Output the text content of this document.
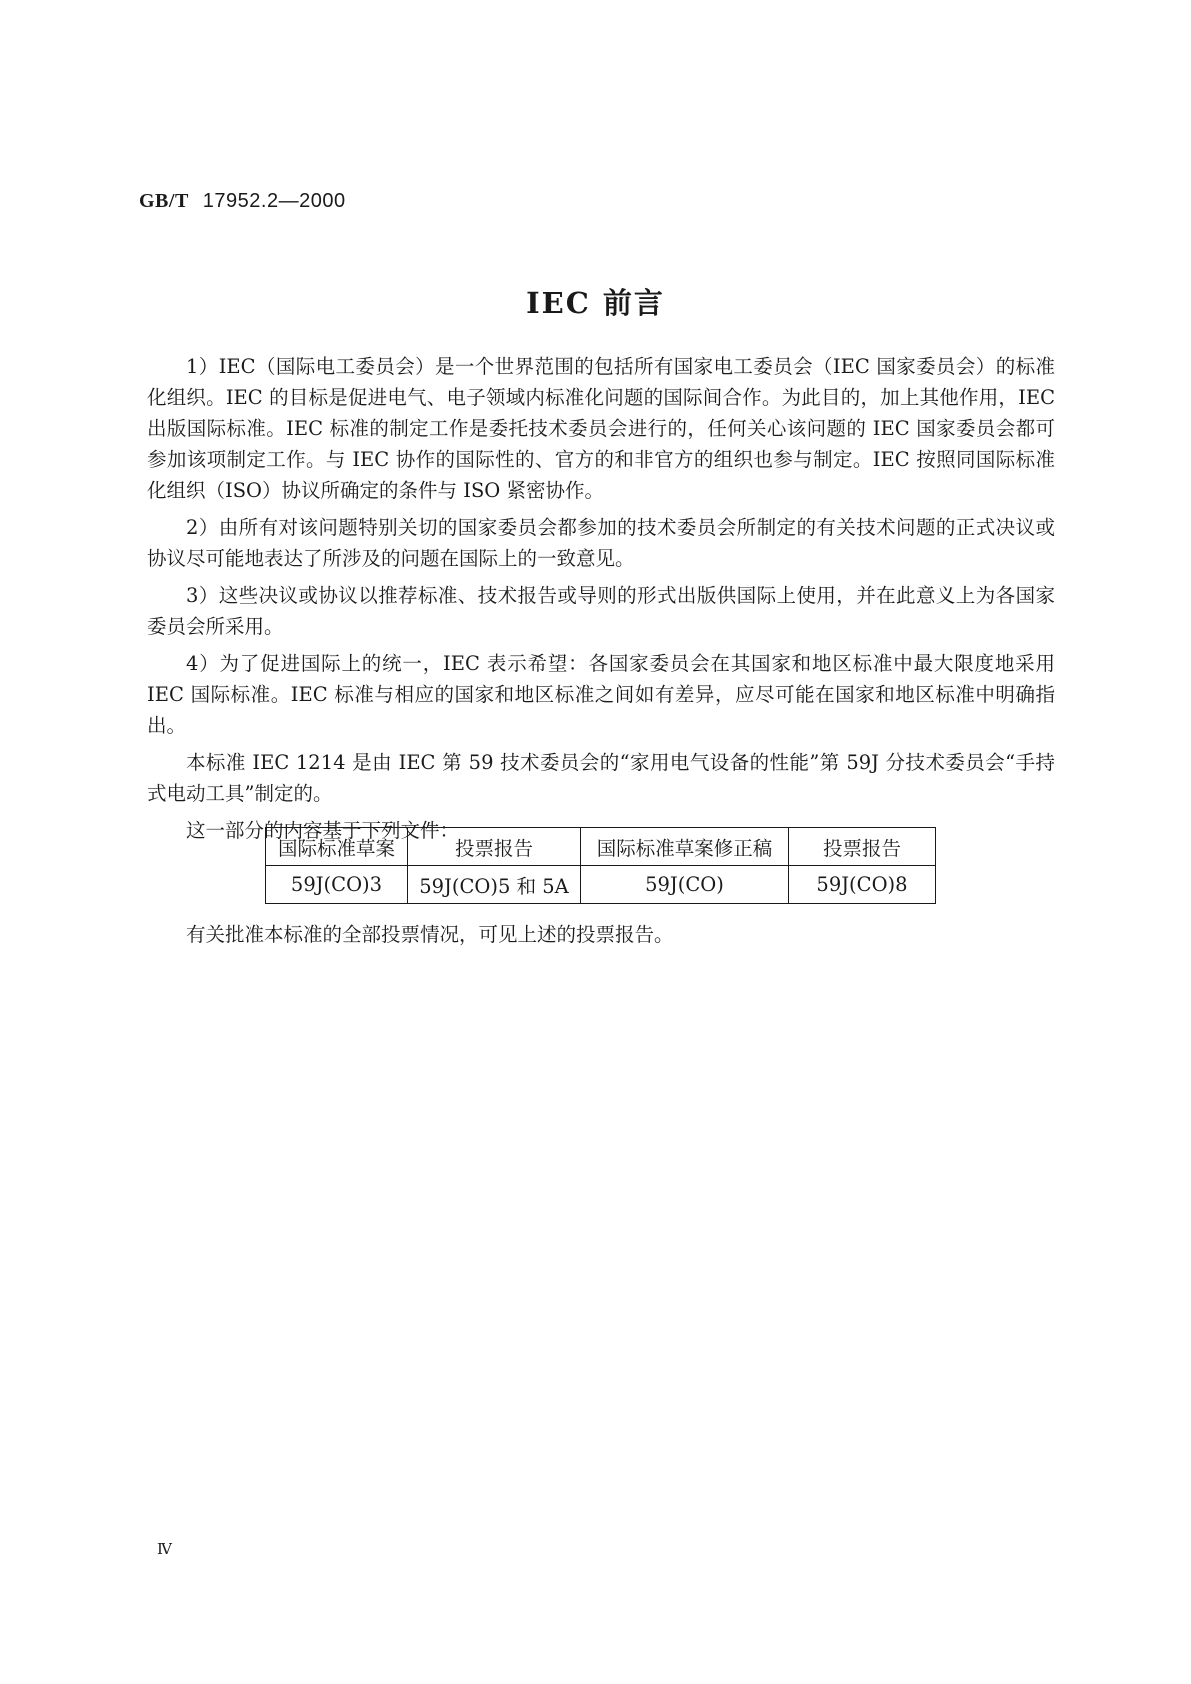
GB/T 17952.2—2000
IEC 前言

1）IEC（国际电工委员会）是一个世界范围的包括所有国家电工委员会（IEC 国家委员会）的标准化组织。IEC 的目标是促进电气、电子领域内标准化问题的国际间合作。为此目的，加上其他作用，IEC 出版国际标准。IEC 标准的制定工作是委托技术委员会进行的，任何关心该问题的 IEC 国家委员会都可参加该项制定工作。与 IEC 协作的国际性的、官方的和非官方的组织也参与制定。IEC 按照同国际标准化组织（ISO）协议所确定的条件与 ISO 紧密协作。

2）由所有对该问题特别关切的国家委员会都参加的技术委员会所制定的有关技术问题的正式决议或协议尽可能地表达了所涉及的问题在国际上的一致意见。

3）这些决议或协议以推荐标准、技术报告或导则的形式出版供国际上使用，并在此意义上为各国家委员会所采用。

4）为了促进国际上的统一，IEC 表示希望：各国家委员会在其国家和地区标准中最大限度地采用 IEC 国际标准。IEC 标准与相应的国家和地区标准之间如有差异，应尽可能在国家和地区标准中明确指出。

本标准 IEC 1214 是由 IEC 第 59 技术委员会的“家用电气设备的性能”第 59J 分技术委员会“手持式电动工具”制定的。

这一部分的内容基于下列文件：

国际标准草案	投票报告	国际标准草案修正稿	投票报告
59J(CO)3	59J(CO)5 和 5A	59J(CO)	59J(CO)8
有关批准本标准的全部投票情况，可见上述的投票报告。
Ⅳ
